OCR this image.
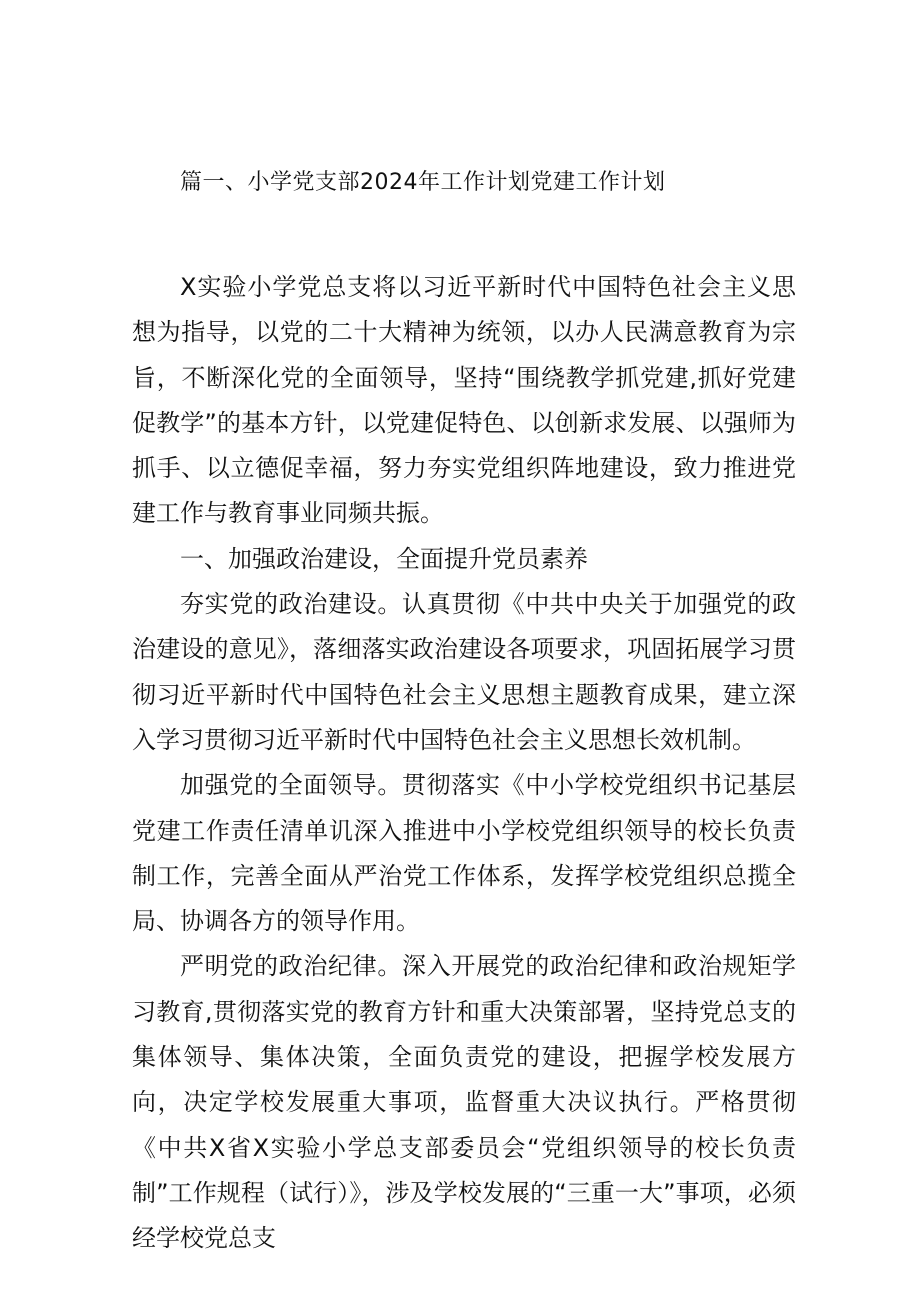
篇一、小学党支部2024年工作计划党建工作计划

X实验小学党总支将以习近平新时代中国特色社会主义思想为指导，以党的二十大精神为统领，以办人民满意教育为宗旨，不断深化党的全面领导，坚持“围绕教学抓党建,抓好党建促教学”的基本方针，以党建促特色、以创新求发展、以强师为抓手、以立德促幸福，努力夯实党组织阵地建设，致力推进党建工作与教育事业同频共振。

一、加强政治建设，全面提升党员素养

夯实党的政治建设。认真贯彻《中共中央关于加强党的政治建设的意见》，落细落实政治建设各项要求，巩固拓展学习贯彻习近平新时代中国特色社会主义思想主题教育成果，建立深入学习贯彻习近平新时代中国特色社会主义思想长效机制。

加强党的全面领导。贯彻落实《中小学校党组织书记基层党建工作责任清单讥深入推进中小学校党组织领导的校长负责制工作，完善全面从严治党工作体系，发挥学校党组织总揽全局、协调各方的领导作用。

严明党的政治纪律。深入开展党的政治纪律和政治规矩学习教育,贯彻落实党的教育方针和重大决策部署，坚持党总支的集体领导、集体决策，全面负责党的建设，把握学校发展方向，决定学校发展重大事项，监督重大决议执行。严格贯彻《中共X省X实验小学总支部委员会“党组织领导的校长负责制”工作规程（试行）》，涉及学校发展的“三重一大”事项，必须经学校党总支
